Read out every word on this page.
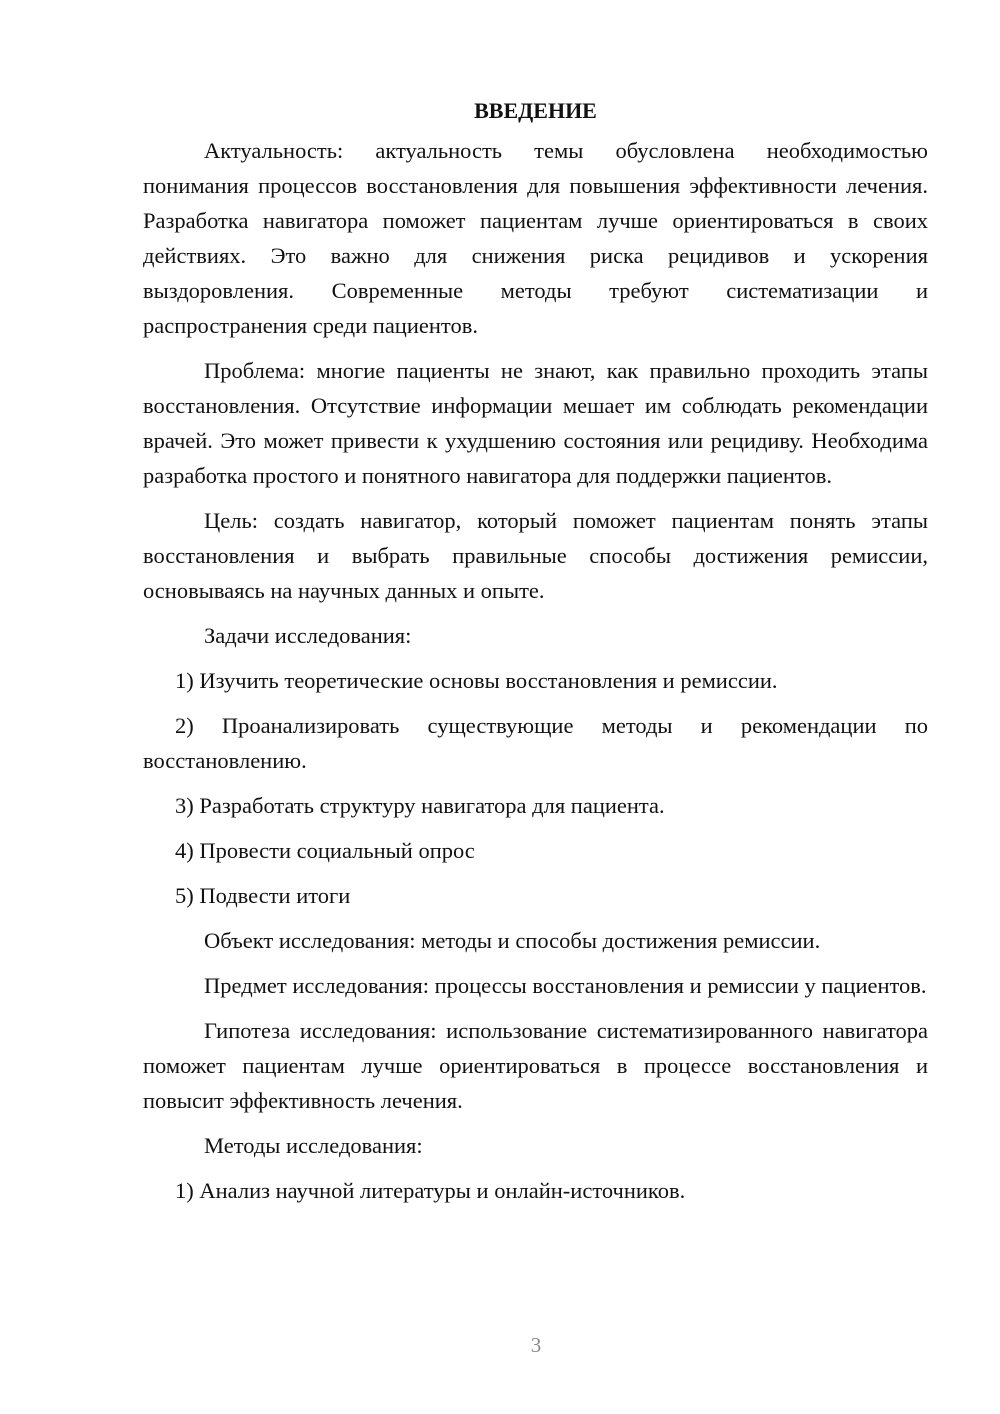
ВВЕДЕНИЕ

Актуальность: актуальность темы обусловлена необходимостью понимания процессов восстановления для повышения эффективности лечения. Разработка навигатора поможет пациентам лучше ориентироваться в своих действиях. Это важно для снижения риска рецидивов и ускорения выздоровления. Современные методы требуют систематизации и распространения среди пациентов.

Проблема: многие пациенты не знают, как правильно проходить этапы восстановления. Отсутствие информации мешает им соблюдать рекомендации врачей. Это может привести к ухудшению состояния или рецидиву. Необходима разработка простого и понятного навигатора для поддержки пациентов.

Цель: создать навигатор, который поможет пациентам понять этапы восстановления и выбрать правильные способы достижения ремиссии, основываясь на научных данных и опыте.

Задачи исследования:

1) Изучить теоретические основы восстановления и ремиссии.

2) Проанализировать существующие методы и рекомендации по восстановлению.

3) Разработать структуру навигатора для пациента.

4) Провести социальный опрос

5) Подвести итоги

Объект исследования: методы и способы достижения ремиссии.

Предмет исследования: процессы восстановления и ремиссии у пациентов.

Гипотеза исследования: использование систематизированного навигатора поможет пациентам лучше ориентироваться в процессе восстановления и повысит эффективность лечения.

Методы исследования:

1) Анализ научной литературы и онлайн-источников.

3
